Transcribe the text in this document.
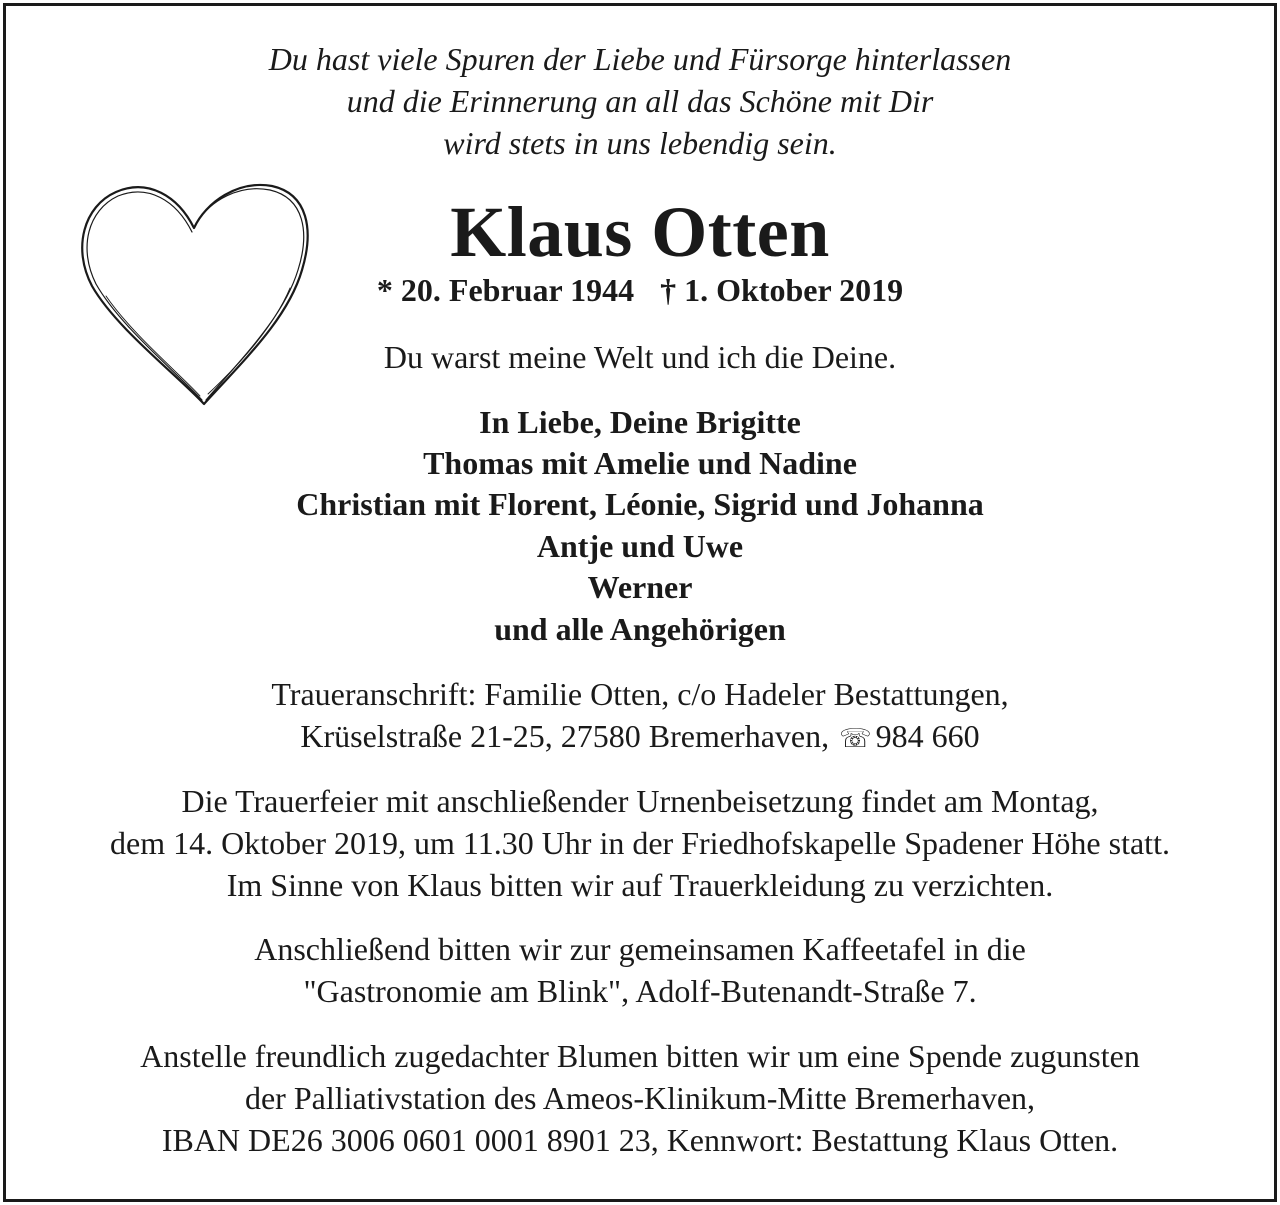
Du hast viele Spuren der Liebe und Fürsorge hinterlassen
und die Erinnerung an all das Schöne mit Dir
wird stets in uns lebendig sein.
Klaus Otten
* 20. Februar 1944 † 1. Oktober 2019
Du warst meine Welt und ich die Deine.
In Liebe, Deine Brigitte
Thomas mit Amelie und Nadine
Christian mit Florent, Léonie, Sigrid und Johanna
Antje und Uwe
Werner
und alle Angehörigen
Traueranschrift: Familie Otten, c/o Hadeler Bestattungen,
Krüselstraße 21-25, 27580 Bremerhaven, ☏ 984 660
Die Trauerfeier mit anschließender Urnenbeisetzung findet am Montag,
dem 14. Oktober 2019, um 11.30 Uhr in der Friedhofskapelle Spadener Höhe statt.
Im Sinne von Klaus bitten wir auf Trauerkleidung zu verzichten.
Anschließend bitten wir zur gemeinsamen Kaffeetafel in die
"Gastronomie am Blink", Adolf-Butenandt-Straße 7.
Anstelle freundlich zugedachter Blumen bitten wir um eine Spende zugunsten
der Palliativstation des Ameos-Klinikum-Mitte Bremerhaven,
IBAN DE26 3006 0601 0001 8901 23, Kennwort: Bestattung Klaus Otten.
